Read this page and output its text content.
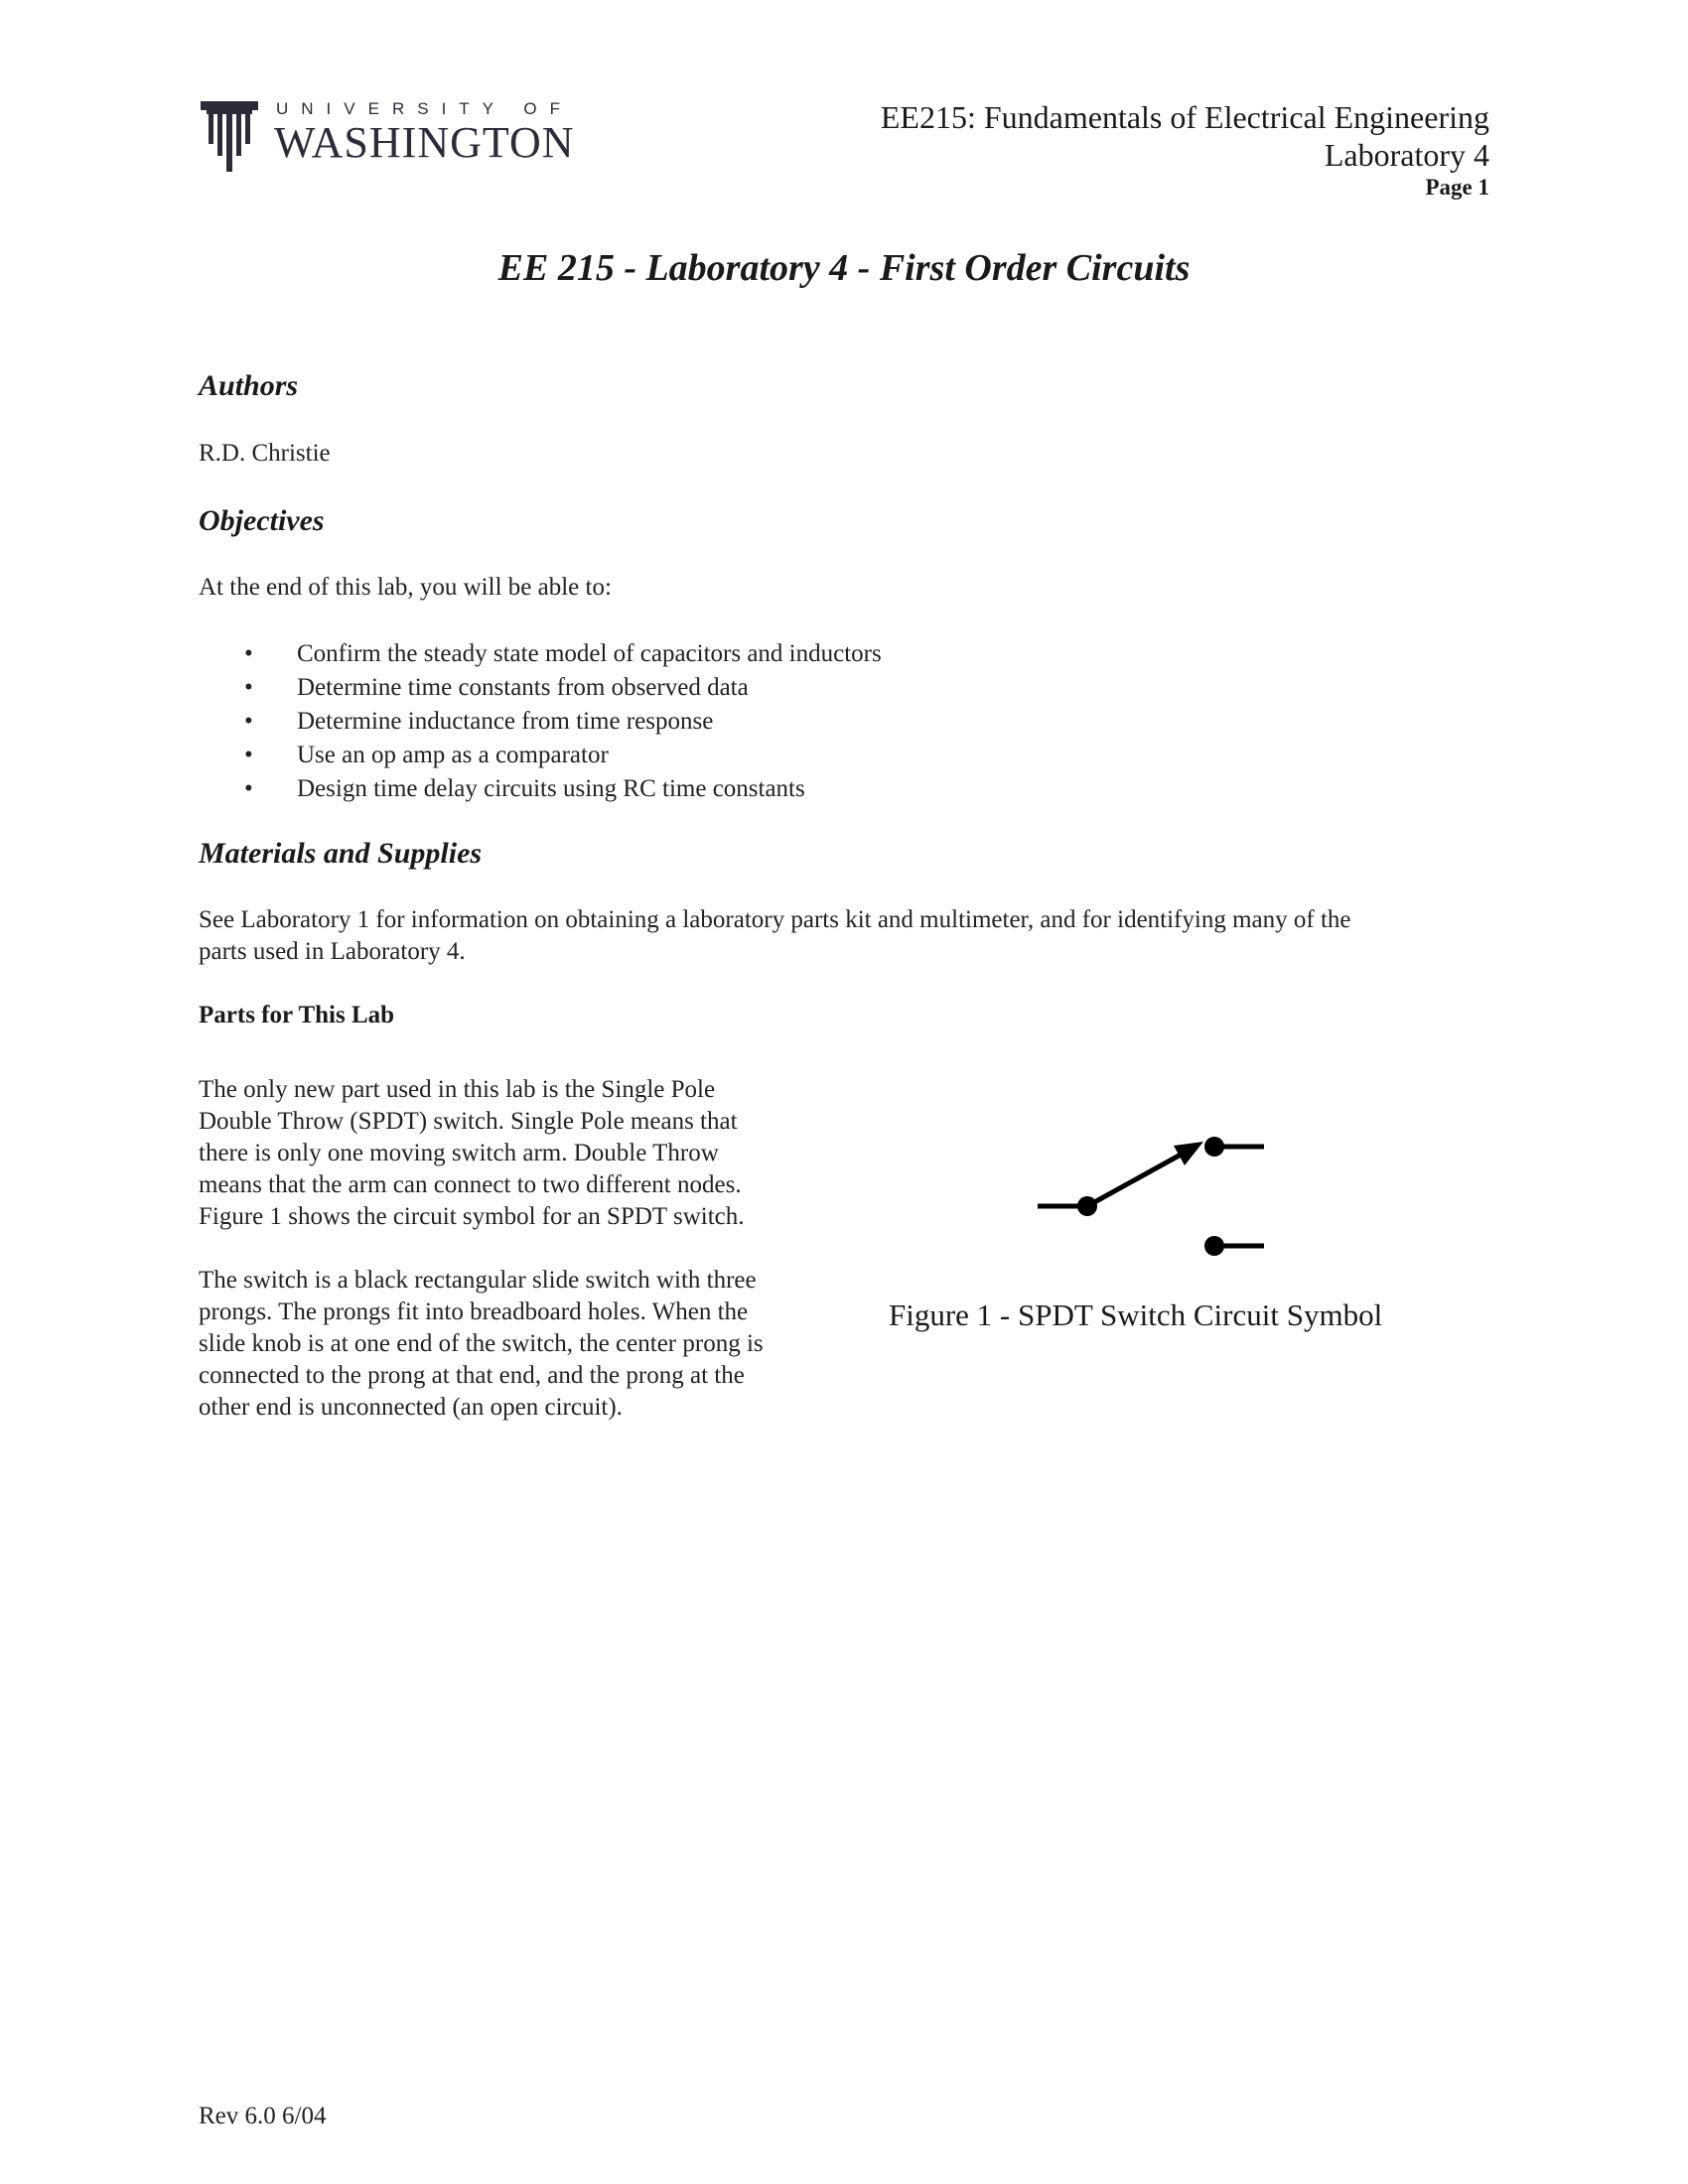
UNIVERSITY OF
WASHINGTON
EE215: Fundamentals of Electrical Engineering
Laboratory 4
Page 1
EE 215 - Laboratory 4 - First Order Circuits
Authors
R.D. Christie
Objectives
At the end of this lab, you will be able to:
• Confirm the steady state model of capacitors and inductors
• Determine time constants from observed data
• Determine inductance from time response
• Use an op amp as a comparator
• Design time delay circuits using RC time constants
Materials and Supplies
See Laboratory 1 for information on obtaining a laboratory parts kit and multimeter, and for identifying many of the
parts used in Laboratory 4.
Parts for This Lab
The only new part used in this lab is the Single Pole
Double Throw (SPDT) switch. Single Pole means that
there is only one moving switch arm. Double Throw
means that the arm can connect to two different nodes.
Figure 1 shows the circuit symbol for an SPDT switch.
The switch is a black rectangular slide switch with three
prongs. The prongs fit into breadboard holes. When the
slide knob is at one end of the switch, the center prong is
connected to the prong at that end, and the prong at the
other end is unconnected (an open circuit).
Figure 1 - SPDT Switch Circuit Symbol
Rev 6.0 6/04
